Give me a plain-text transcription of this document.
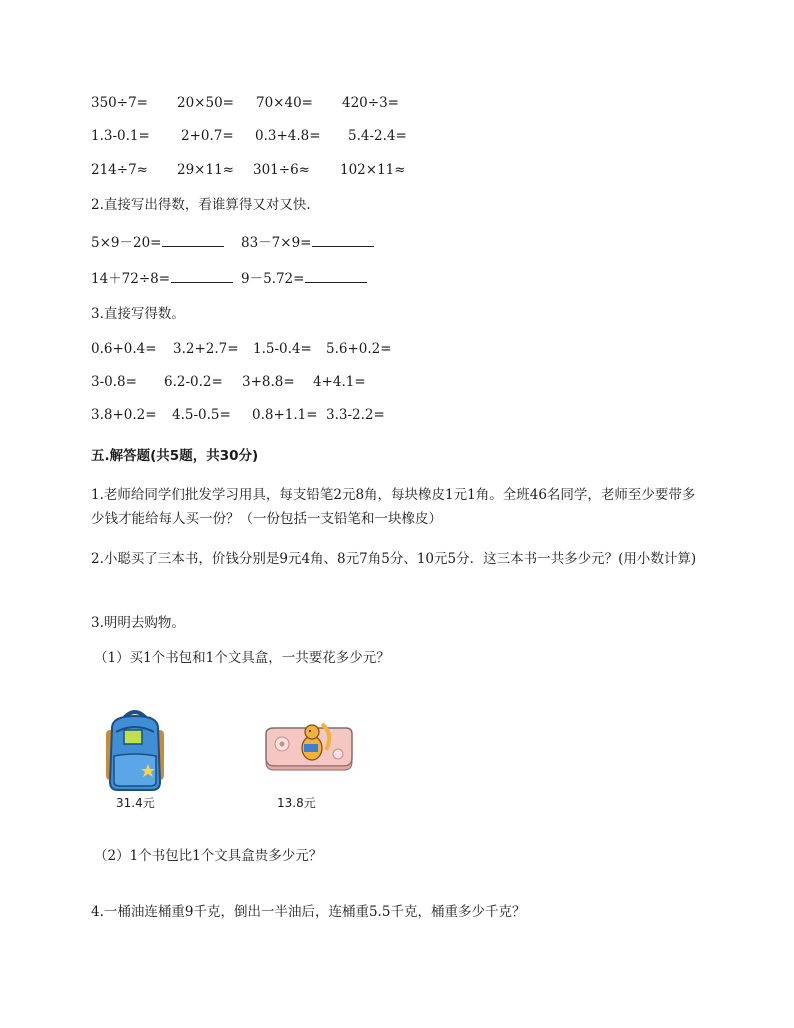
350÷7= 20×50= 70×40= 420÷3=
1.3-0.1= 2+0.7= 0.3+4.8= 5.4-2.4=
214÷7≈ 29×11≈ 301÷6≈ 102×11≈
2.直接写出得数，看谁算得又对又快.
5×9－20=	83－7×9=
14＋72÷8=	9－5.72=
3.直接写得数。
0.6+0.4= 3.2+2.7= 1.5-0.4= 5.6+0.2=
3-0.8= 6.2-0.2= 3+8.8= 4+4.1=
3.8+0.2= 4.5-0.5= 0.8+1.1= 3.3-2.2=
五.解答题(共5题，共30分)
1.老师给同学们批发学习用具，每支铅笔2元8角，每块橡皮1元1角。全班46名同学，老师至少要带多少钱才能给每人买一份？（一份包括一支铅笔和一块橡皮）
2.小聪买了三本书，价钱分别是9元4角、8元7角5分、10元5分．这三本书一共多少元？(用小数计算)
3.明明去购物。
（1）买1个书包和1个文具盒，一共要花多少元？
31.4元	13.8元
（2）1个书包比1个文具盒贵多少元？
4.一桶油连桶重9千克，倒出一半油后，连桶重5.5千克，桶重多少千克？
